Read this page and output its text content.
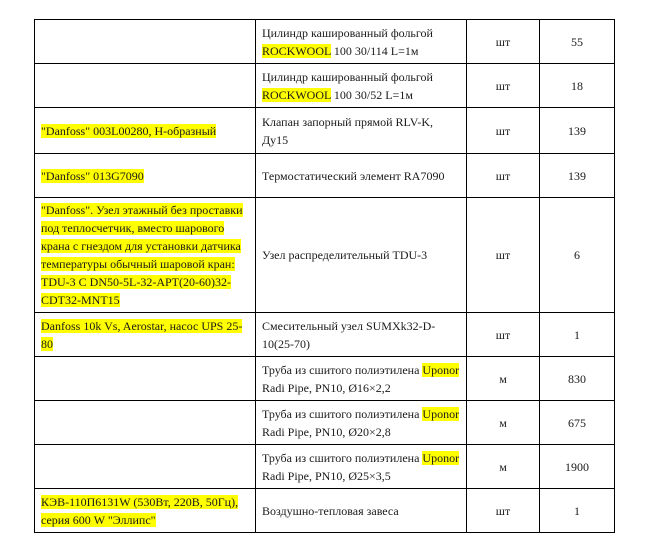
	Цилиндр кашированный фольгой ROCKWOOL 100 30/114 L=1м	шт	55
	Цилиндр кашированный фольгой ROCKWOOL 100 30/52 L=1м	шт	18
"Danfoss" 003L00280, Н-образный	Клапан запорный прямой RLV-K, Ду15	шт	139
"Danfoss" 013G7090	Термостатический элемент RA7090	шт	139
"Danfoss". Узел этажный без проставки под теплосчетчик, вместо шарового крана с гнездом для установки датчика температуры обычный шаровой кран: TDU-3 C DN50-5L-32-APT(20-60)32-CDT32-MNT15	Узел распределительный TDU-3	шт	6
Danfoss 10k Vs, Aerostar, насос UPS 25-80	Смесительный узел SUMXk32-D-10(25-70)	шт	1
	Труба из сшитого полиэтилена Uponor Radi Pipe, PN10, Ø16×2,2	м	830
	Труба из сшитого полиэтилена Uponor Radi Pipe, PN10, Ø20×2,8	м	675
	Труба из сшитого полиэтилена Uponor Radi Pipe, PN10, Ø25×3,5	м	1900
КЭВ-110П6131W (530Вт, 220В, 50Гц), серия 600 W "Эллипс"	Воздушно-тепловая завеса	шт	1
